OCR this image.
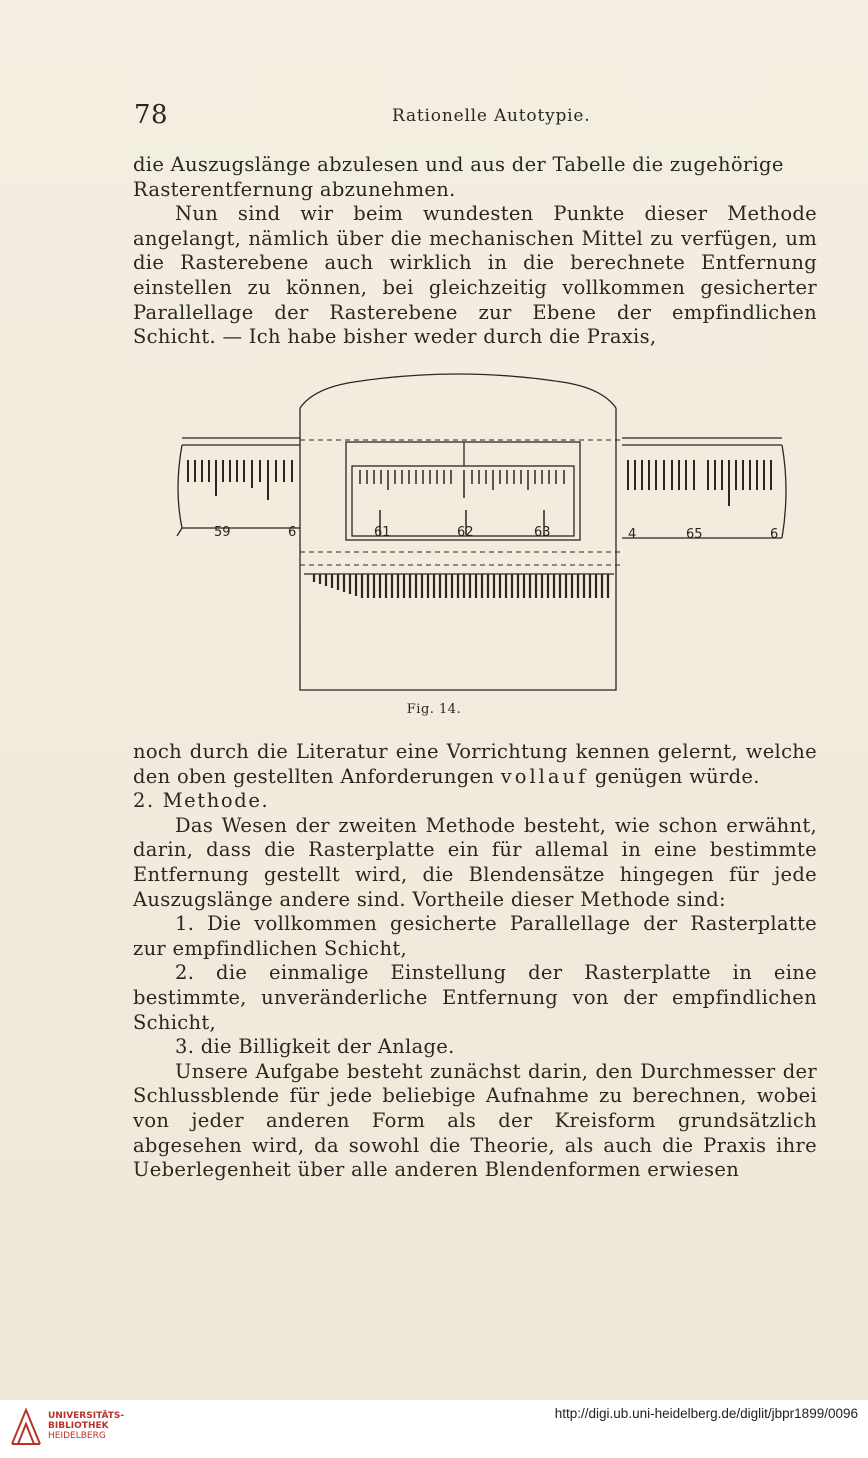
78	Rationelle Autotypie.

die Auszugslänge abzulesen und aus der Tabelle die zugehörige
Rasterentfernung abzunehmen.

Nun sind wir beim wundesten Punkte dieser Methode angelangt, nämlich über die mechanischen Mittel zu verfügen, um die Rasterebene auch wirklich in die berechnete Entfernung einstellen zu können, bei gleichzeitig vollkommen gesicherter Parallellage der Rasterebene zur Ebene der empfindlichen Schicht. — Ich habe bisher weder durch die Praxis,

59	6	61	62	63	4	65	6
Fig. 14.

noch durch die Literatur eine Vorrichtung kennen gelernt, welche den oben gestellten Anforderungen vollauf genügen würde.

2. Methode.

Das Wesen der zweiten Methode besteht, wie schon erwähnt, darin, dass die Rasterplatte ein für allemal in eine bestimmte Entfernung gestellt wird, die Blendensätze hingegen für jede Auszugslänge andere sind. Vortheile dieser Methode sind:

1. Die vollkommen gesicherte Parallellage der Rasterplatte zur empfindlichen Schicht,

2. die einmalige Einstellung der Rasterplatte in eine bestimmte, unveränderliche Entfernung von der empfindlichen Schicht,

3. die Billigkeit der Anlage.

Unsere Aufgabe besteht zunächst darin, den Durchmesser der Schlussblende für jede beliebige Aufnahme zu berechnen, wobei von jeder anderen Form als der Kreisform grundsätzlich abgesehen wird, da sowohl die Theorie, als auch die Praxis ihre Ueberlegenheit über alle anderen Blendenformen erwiesen

UNIVERSITÄTS-
BIBLIOTHEK
HEIDELBERG
http://digi.ub.uni-heidelberg.de/diglit/jbpr1899/0096
